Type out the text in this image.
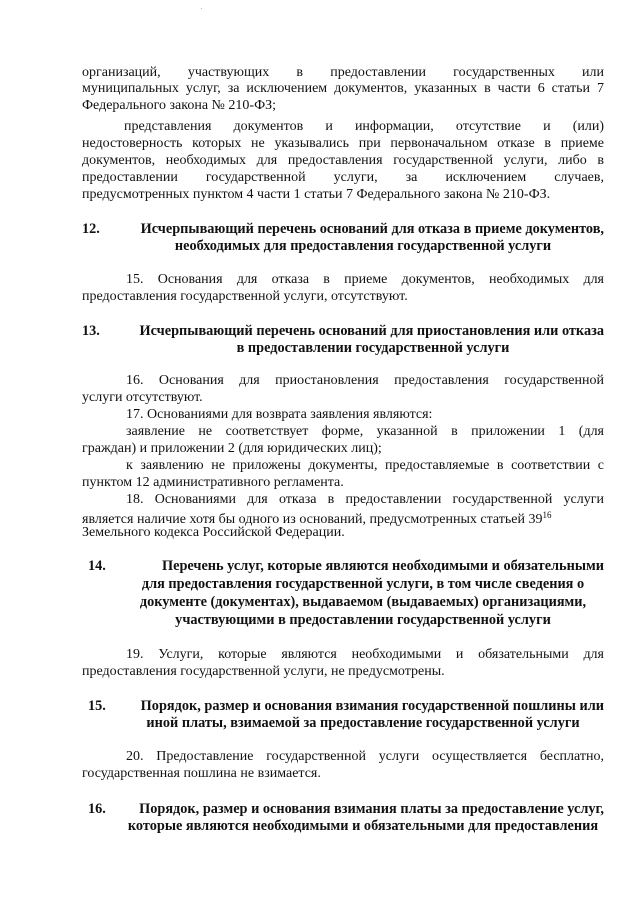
организаций, участвующих в предоставлении государственных или
муниципальных услуг, за исключением документов, указанных в части 6 статьи 7
Федерального закона № 210-ФЗ;
представления документов и информации, отсутствие и (или)
недостоверность которых не указывались при первоначальном отказе в приеме
документов, необходимых для предоставления государственной услуги, либо в
предоставлении государственной услуги, за исключением случаев,
предусмотренных пунктом 4 части 1 статьи 7 Федерального закона № 210-ФЗ.
12.	Исчерпывающий перечень оснований для отказа в приеме документов,
необходимых для предоставления государственной услуги
15. Основания для отказа в приеме документов, необходимых для
предоставления государственной услуги, отсутствуют.
13.	Исчерпывающий перечень оснований для приостановления или отказа
в предоставлении государственной услуги
16. Основания для приостановления предоставления государственной
услуги отсутствуют.
17. Основаниями для возврата заявления являются:
заявление не соответствует форме, указанной в приложении 1 (для
граждан) и приложении 2 (для юридических лиц);
к заявлению не приложены документы, предоставляемые в соответствии с
пунктом 12 административного регламента.
18. Основаниями для отказа в предоставлении государственной услуги
является наличие хотя бы одного из оснований, предусмотренных статьей $39^{16}$
Земельного кодекса Российской Федерации.
14.	Перечень услуг, которые являются необходимыми и обязательными
для предоставления государственной услуги, в том числе сведения о
документе (документах), выдаваемом (выдаваемых) организациями,
участвующими в предоставлении государственной услуги
19. Услуги, которые являются необходимыми и обязательными для
предоставления государственной услуги, не предусмотрены.
15.	Порядок, размер и основания взимания государственной пошлины или
иной платы, взимаемой за предоставление государственной услуги
20. Предоставление государственной услуги осуществляется бесплатно,
государственная пошлина не взимается.
16.	Порядок, размер и основания взимания платы за предоставление услуг,
которые являются необходимыми и обязательными для предоставления
